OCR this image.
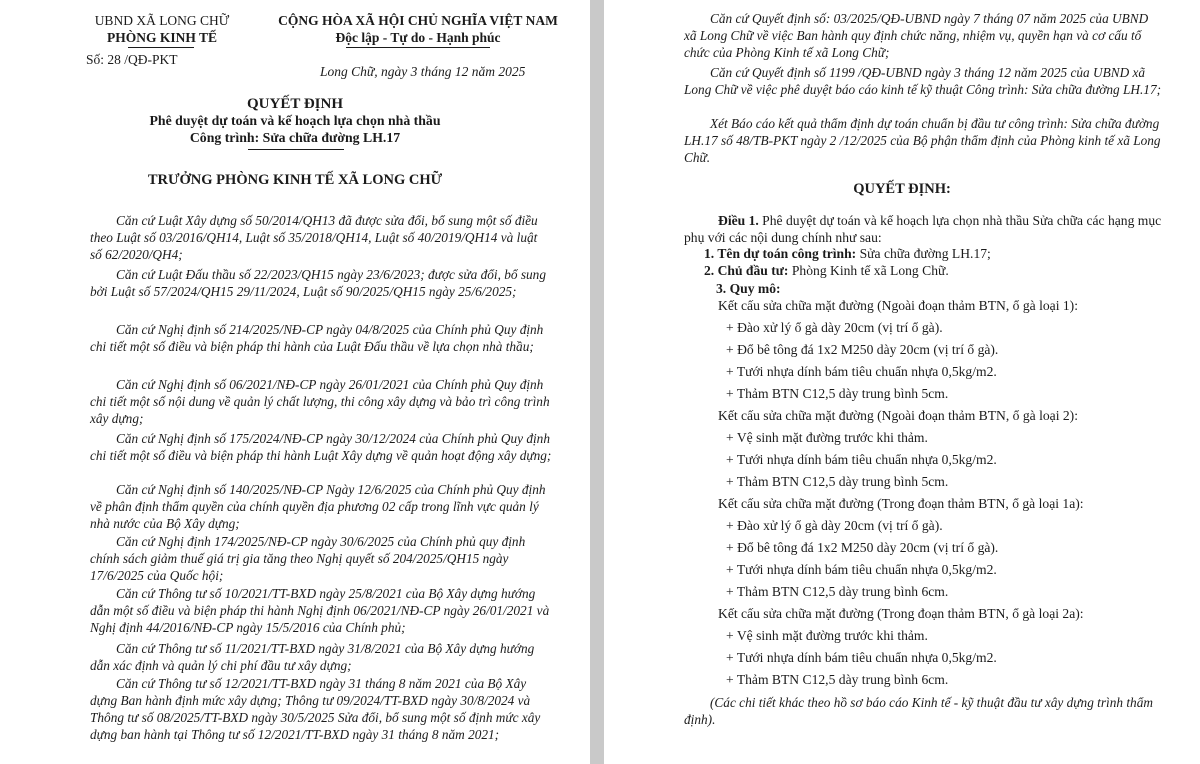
UBND XÃ LONG CHỮ
PHÒNG KINH TẾ
Số: 28 /QĐ-PKT
CỘNG HÒA XÃ HỘI CHỦ NGHĨA VIỆT NAM
Độc lập - Tự do - Hạnh phúc
Long Chữ, ngày 3 tháng 12 năm 2025
QUYẾT ĐỊNH
Phê duyệt dự toán và kế hoạch lựa chọn nhà thầu
Công trình: Sửa chữa đường LH.17
TRƯỞNG PHÒNG KINH TẾ XÃ LONG CHỮ
Căn cứ Luật Xây dựng số 50/2014/QH13 đã được sửa đổi, bổ sung một số điều theo Luật số 03/2016/QH14, Luật số 35/2018/QH14, Luật số 40/2019/QH14 và luật số 62/2020/QH4;
Căn cứ Luật Đấu thầu số 22/2023/QH15 ngày 23/6/2023; được sửa đổi, bổ sung bởi Luật số 57/2024/QH15 29/11/2024, Luật số 90/2025/QH15 ngày 25/6/2025;
Căn cứ Nghị định số 214/2025/NĐ-CP ngày 04/8/2025 của Chính phủ Quy định chi tiết một số điều và biện pháp thi hành của Luật Đấu thầu về lựa chọn nhà thầu;
Căn cứ Nghị định số 06/2021/NĐ-CP ngày 26/01/2021 của Chính phủ Quy định chi tiết một số nội dung về quản lý chất lượng, thi công xây dựng và bảo trì công trình xây dựng;
Căn cứ Nghị định số 175/2024/NĐ-CP ngày 30/12/2024 của Chính phủ Quy định chi tiết một số điều và biện pháp thi hành Luật Xây dựng về quản hoạt động xây dựng;
Căn cứ Nghị định số 140/2025/NĐ-CP Ngày 12/6/2025 của Chính phủ Quy định về phân định thẩm quyền của chính quyền địa phương 02 cấp trong lĩnh vực quản lý nhà nước của Bộ Xây dựng;
Căn cứ Nghị định 174/2025/NĐ-CP ngày 30/6/2025 của Chính phủ quy định chính sách giảm thuế giá trị gia tăng theo Nghị quyết số 204/2025/QH15 ngày 17/6/2025 của Quốc hội;
Căn cứ Thông tư số 10/2021/TT-BXD ngày 25/8/2021 của Bộ Xây dựng hướng dẫn một số điều và biện pháp thi hành Nghị định 06/2021/NĐ-CP ngày 26/01/2021 và Nghị định 44/2016/NĐ-CP ngày 15/5/2016 của Chính phủ;
Căn cứ Thông tư số 11/2021/TT-BXD ngày 31/8/2021 của Bộ Xây dựng hướng dẫn xác định và quản lý chi phí đầu tư xây dựng;
Căn cứ Thông tư số 12/2021/TT-BXD ngày 31 tháng 8 năm 2021 của Bộ Xây dựng Ban hành định mức xây dựng; Thông tư 09/2024/TT-BXD ngày 30/8/2024 và Thông tư số 08/2025/TT-BXD ngày 30/5/2025 Sửa đổi, bổ sung một số định mức xây dựng ban hành tại Thông tư số 12/2021/TT-BXD ngày 31 tháng 8 năm 2021;
Căn cứ Quyết định số: 03/2025/QĐ-UBND ngày 7 tháng 07 năm 2025 của UBND xã Long Chữ về việc Ban hành quy định chức năng, nhiệm vụ, quyền hạn và cơ cấu tổ chức của Phòng Kinh tế xã Long Chữ;
Căn cứ Quyết định số 1199 /QĐ-UBND ngày 3 tháng 12 năm 2025 của UBND xã Long Chữ về việc phê duyệt báo cáo kinh tế kỹ thuật Công trình: Sửa chữa đường LH.17;
Xét Báo cáo kết quả thẩm định dự toán chuẩn bị đầu tư công trình: Sửa chữa đường LH.17 số 48/TB-PKT ngày 2 /12/2025 của Bộ phận thẩm định của Phòng kinh tế xã Long Chữ.
QUYẾT ĐỊNH:
Điều 1. Phê duyệt dự toán và kế hoạch lựa chọn nhà thầu Sửa chữa các hạng mục phụ với các nội dung chính như sau:
1. Tên dự toán công trình: Sửa chữa đường LH.17;
2. Chủ đầu tư: Phòng Kinh tế xã Long Chữ.
3. Quy mô:
Kết cấu sửa chữa mặt đường (Ngoài đoạn thảm BTN, ổ gà loại 1):
+ Đào xử lý ổ gà dày 20cm (vị trí ổ gà).
+ Đổ bê tông đá 1x2 M250 dày 20cm (vị trí ổ gà).
+ Tưới nhựa dính bám tiêu chuẩn nhựa 0,5kg/m2.
+ Thảm BTN C12,5 dày trung bình 5cm.
Kết cấu sửa chữa mặt đường (Ngoài đoạn thảm BTN, ổ gà loại 2):
+ Vệ sinh mặt đường trước khi thảm.
+ Tưới nhựa dính bám tiêu chuẩn nhựa 0,5kg/m2.
+ Thảm BTN C12,5 dày trung bình 5cm.
Kết cấu sửa chữa mặt đường (Trong đoạn thảm BTN, ổ gà loại 1a):
+ Đào xử lý ổ gà dày 20cm (vị trí ổ gà).
+ Đổ bê tông đá 1x2 M250 dày 20cm (vị trí ổ gà).
+ Tưới nhựa dính bám tiêu chuẩn nhựa 0,5kg/m2.
+ Thảm BTN C12,5 dày trung bình 6cm.
Kết cấu sửa chữa mặt đường (Trong đoạn thảm BTN, ổ gà loại 2a):
+ Vệ sinh mặt đường trước khi thảm.
+ Tưới nhựa dính bám tiêu chuẩn nhựa 0,5kg/m2.
+ Thảm BTN C12,5 dày trung bình 6cm.
(Các chi tiết khác theo hồ sơ báo cáo Kinh tế - kỹ thuật đầu tư xây dựng trình thẩm định).
